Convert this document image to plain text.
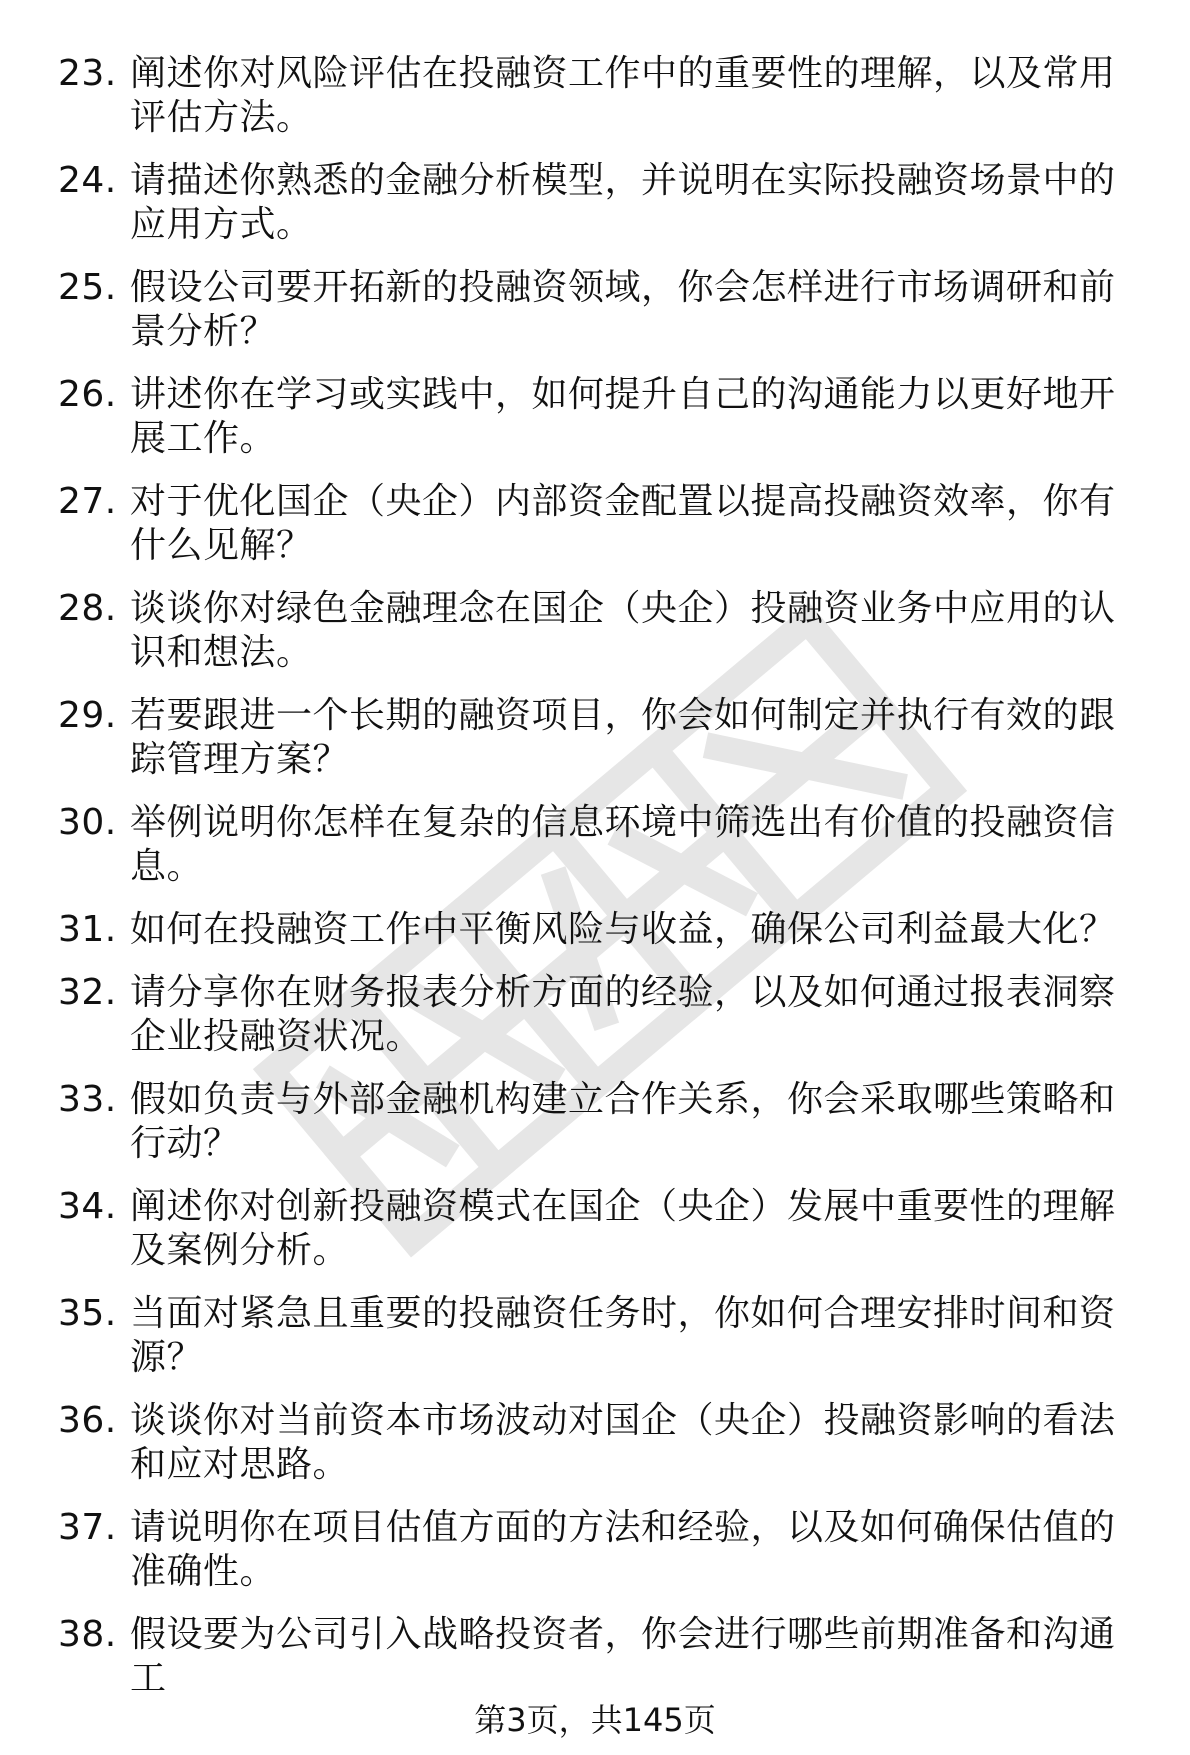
23. 阐述你对风险评估在投融资工作中的重要性的理解，以及常用评估方法。
24. 请描述你熟悉的金融分析模型，并说明在实际投融资场景中的应用方式。
25. 假设公司要开拓新的投融资领域，你会怎样进行市场调研和前景分析？
26. 讲述你在学习或实践中，如何提升自己的沟通能力以更好地开展工作。
27. 对于优化国企（央企）内部资金配置以提高投融资效率，你有什么见解？
28. 谈谈你对绿色金融理念在国企（央企）投融资业务中应用的认识和想法。
29. 若要跟进一个长期的融资项目，你会如何制定并执行有效的跟踪管理方案？
30. 举例说明你怎样在复杂的信息环境中筛选出有价值的投融资信息。
31. 如何在投融资工作中平衡风险与收益，确保公司利益最大化？
32. 请分享你在财务报表分析方面的经验，以及如何通过报表洞察企业投融资状况。
33. 假如负责与外部金融机构建立合作关系，你会采取哪些策略和行动？
34. 阐述你对创新投融资模式在国企（央企）发展中重要性的理解及案例分析。
35. 当面对紧急且重要的投融资任务时，你如何合理安排时间和资源？
36. 谈谈你对当前资本市场波动对国企（央企）投融资影响的看法和应对思路。
37. 请说明你在项目估值方面的方法和经验，以及如何确保估值的准确性。
38. 假设要为公司引入战略投资者，你会进行哪些前期准备和沟通工
第3页，共145页
